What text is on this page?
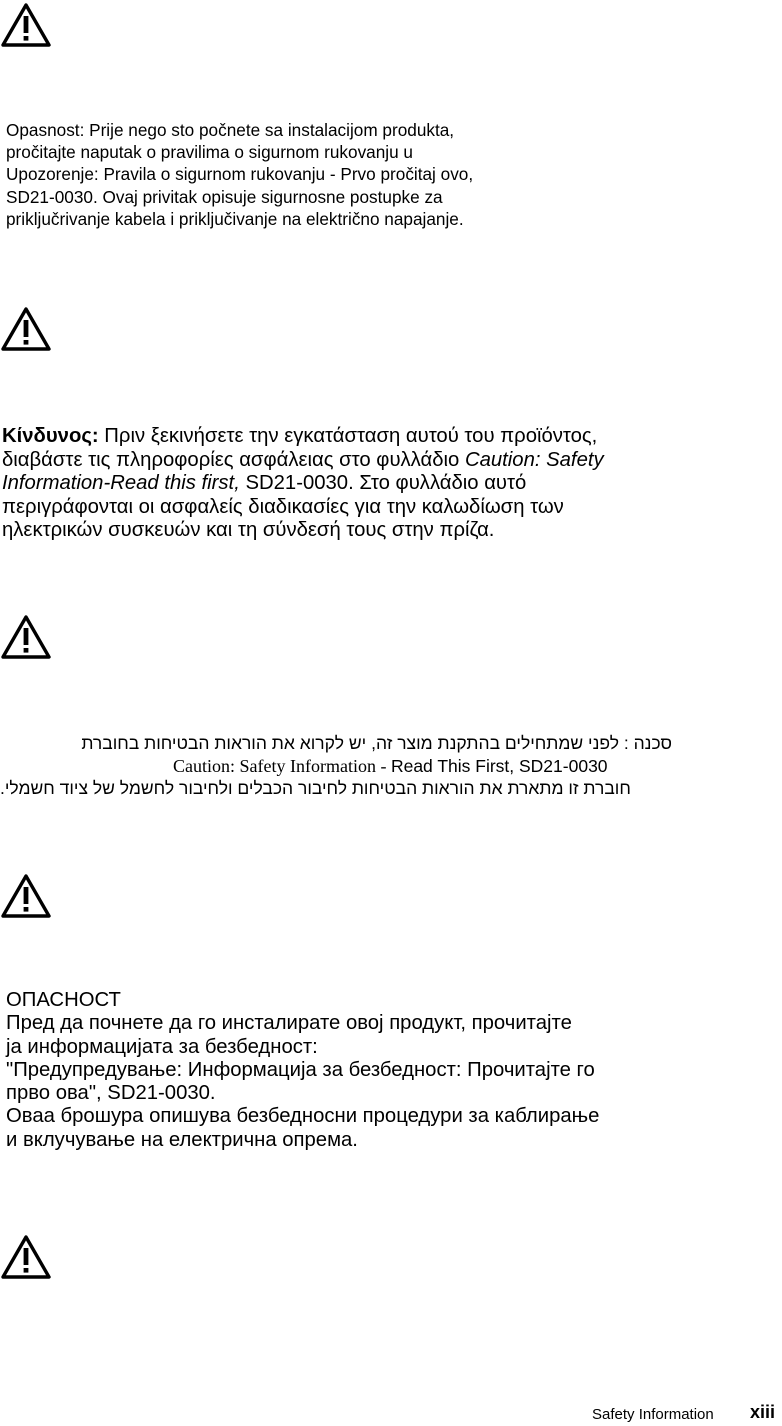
Opasnost: Prije nego sto počnete sa instalacijom produkta,
pročitajte naputak o pravilima o sigurnom rukovanju u
Upozorenje: Pravila o sigurnom rukovanju - Prvo pročitaj ovo,
SD21-0030. Ovaj privitak opisuje sigurnosne postupke za
priključrivanje kabela i priključivanje na električno napajanje.
Κίνδυνος: Πριν ξεκινήσετε την εγκατάσταση αυτού του προϊόντος,
διαβάστε τις πληροφορίες ασφάλειας στο φυλλάδιο Caution: Safety
Information-Read this first, SD21-0030. Στο φυλλάδιο αυτό
περιγράφονται οι ασφαλείς διαδικασίες για την καλωδίωση των
ηλεκτρικών συσκευών και τη σύνδεσή τους στην πρίζα.
סכנה : לפני שמתחילים בהתקנת מוצר זה, יש לקרוא את הוראות הבטיחות בחוברת
Caution: Safety Information - Read This First, SD21-0030
חוברת זו מתארת את הוראות הבטיחות לחיבור הכבלים ולחיבור לחשמל של ציוד חשמלי.
ОПАСНОСТ
Пред да почнете да го инсталирате овој продукт, прочитајте
ја информацијата за безбедност:
"Предупредување: Информација за безбедност: Прочитајте го
прво ова", SD21-0030.
Оваа брошура опишува безбедносни процедури за каблирање
и вклучување на електрична опрема.
Safety Information xiii
